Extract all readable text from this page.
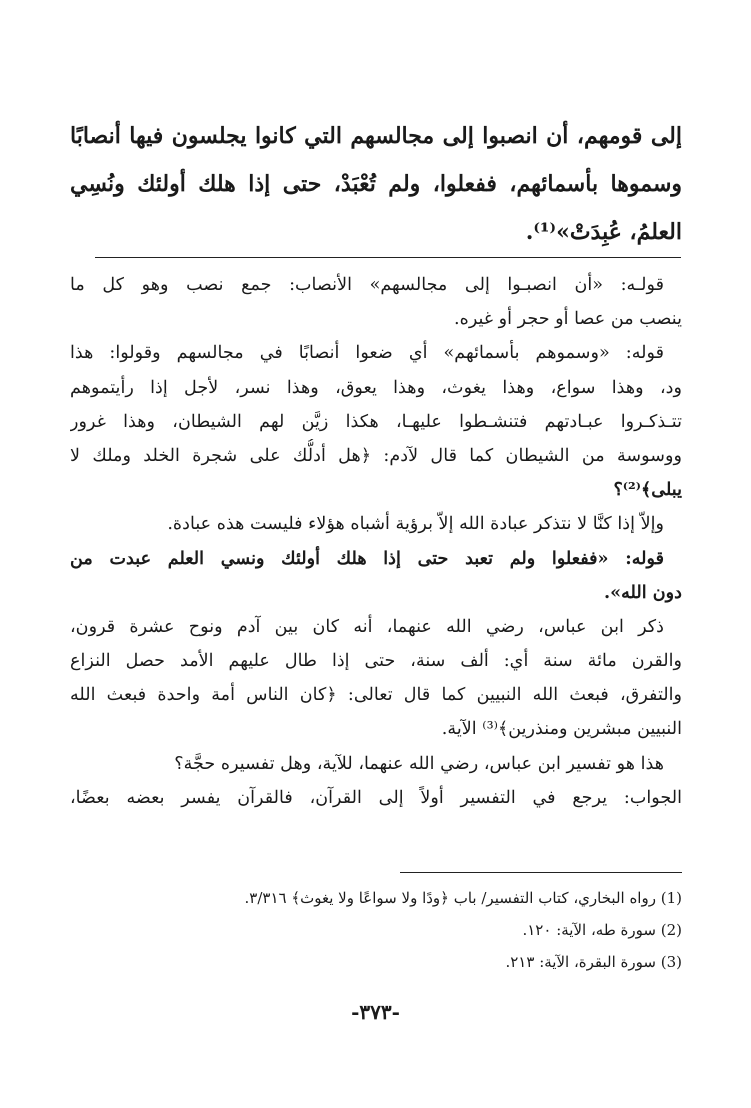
إلى قومهم، أن انصبوا إلى مجالسهم التي كانوا يجلسون فيها أنصابًا
وسموها بأسمائهم، ففعلوا، ولم تُعْبَدْ، حتى إذا هلك أولئك ونُسِي
العلمُ، عُبِدَتْ»⁽¹⁾.
قولـه: «أن انصبـوا إلى مجالسهم» الأنصاب: جمع نصب وهو كل ما
ينصب من عصا أو حجر أو غيره.
قوله: «وسموهم بأسمائهم» أي ضعوا أنصابًا في مجالسهم وقولوا: هذا
ود، وهذا سواع، وهذا يغوث، وهذا يعوق، وهذا نسر، لأجل إذا رأيتموهم
تتـذكـروا عبـادتهم فتنشـطوا عليهـا، هكذا زيَّن لهم الشيطان، وهذا غرور
ووسوسة من الشيطان كما قال لآدم: ﴿هل أدلُّك على شجرة الخلد وملك لا
يبلى﴾⁽²⁾؟
وإلاّ إذا كنَّا لا نتذكر عبادة الله إلاّ برؤية أشباه هؤلاء فليست هذه عبادة.
قوله: «ففعلوا ولم تعبد حتى إذا هلك أولئك ونسي العلم عبدت من
دون الله».
ذكر ابن عباس، رضي الله عنهما، أنه كان بين آدم ونوح عشرة قرون،
والقرن مائة سنة أي: ألف سنة، حتى إذا طال عليهم الأمد حصل النزاع
والتفرق، فبعث الله النبيين كما قال تعالى: ﴿كان الناس أمة واحدة فبعث الله
النبيين مبشرين ومنذرين﴾⁽³⁾ الآية.
هذا هو تفسير ابن عباس، رضي الله عنهما، للآية، وهل تفسيره حجَّة؟
الجواب: يرجع في التفسير أولاً إلى القرآن، فالقرآن يفسر بعضه بعضًا،
(1) رواه البخاري، كتاب التفسير/ باب ﴿ودًا ولا سواعًا ولا يغوث﴾ ٣/٣١٦.
(2) سورة طه، الآية: ١٢٠.
(3) سورة البقرة، الآية: ٢١٣.
-٣٧٣-
